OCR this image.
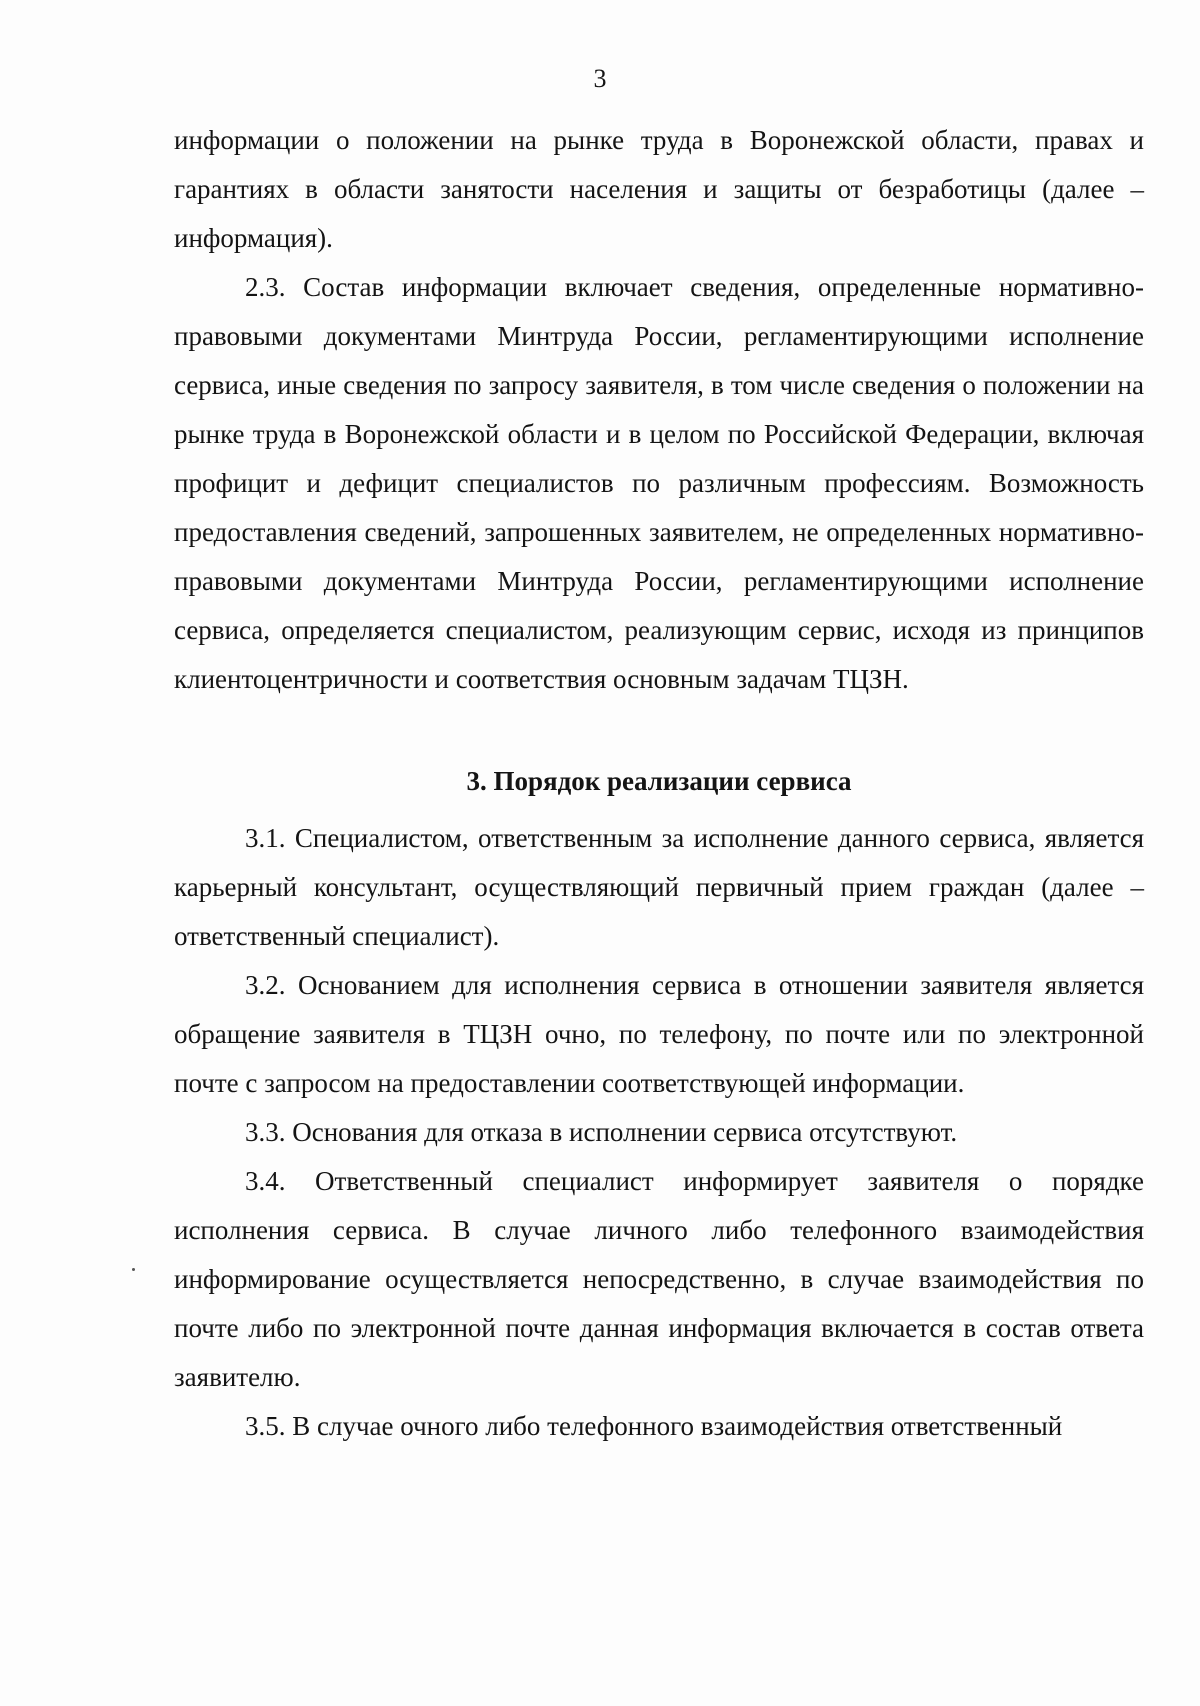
3

информации о положении на рынке труда в Воронежской области, правах и гарантиях в области занятости населения и защиты от безработицы (далее – информация).

2.3. Состав информации включает сведения, определенные нормативно-правовыми документами Минтруда России, регламентирующими исполнение сервиса, иные сведения по запросу заявителя, в том числе сведения о положении на рынке труда в Воронежской области и в целом по Российской Федерации, включая профицит и дефицит специалистов по различным профессиям. Возможность предоставления сведений, запрошенных заявителем, не определенных нормативно-правовыми документами Минтруда России, регламентирующими исполнение сервиса, определяется специалистом, реализующим сервис, исходя из принципов клиентоцентричности и соответствия основным задачам ТЦЗН.

3. Порядок реализации сервиса

3.1. Специалистом, ответственным за исполнение данного сервиса, является карьерный консультант, осуществляющий первичный прием граждан (далее – ответственный специалист).

3.2. Основанием для исполнения сервиса в отношении заявителя является обращение заявителя в ТЦЗН очно, по телефону, по почте или по электронной почте с запросом на предоставлении соответствующей информации.

3.3. Основания для отказа в исполнении сервиса отсутствуют.

3.4. Ответственный специалист информирует заявителя о порядке исполнения сервиса. В случае личного либо телефонного взаимодействия информирование осуществляется непосредственно, в случае взаимодействия по почте либо по электронной почте данная информация включается в состав ответа заявителю.

3.5. В случае очного либо телефонного взаимодействия ответственный
